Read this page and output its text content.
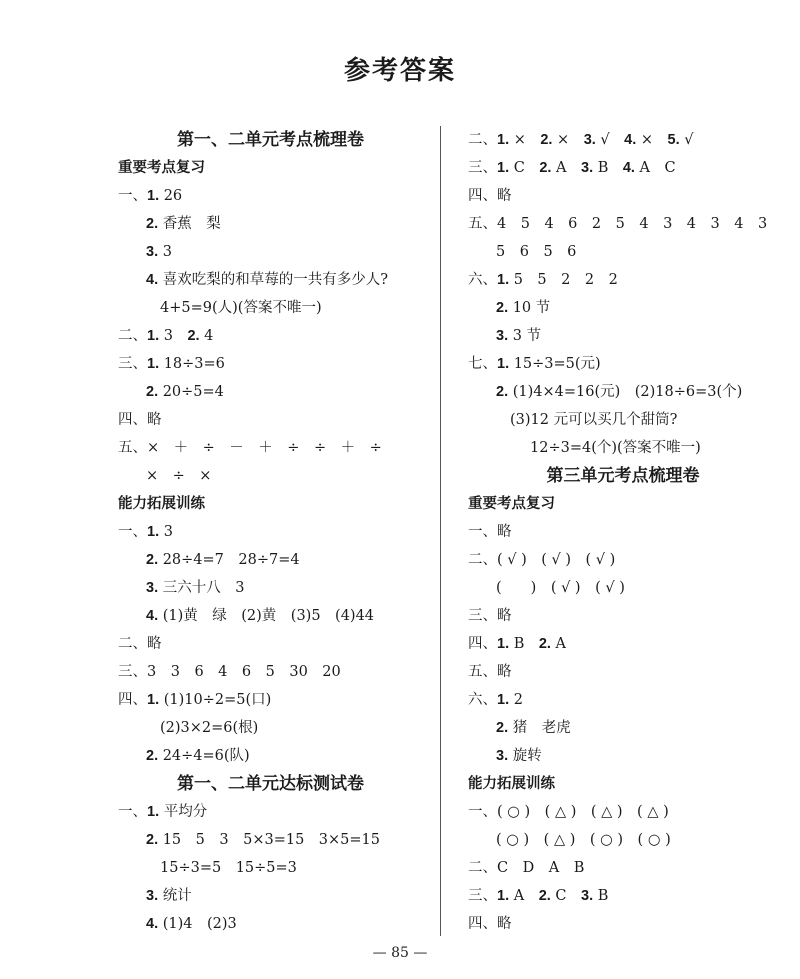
参考答案
第一、二单元考点梳理卷
重要考点复习
一、1. 26
2. 香蕉　梨
3. 3
4. 喜欢吃梨的和草莓的一共有多少人?
4+5=9(人)(答案不唯一)
二、1. 3　2. 4
三、1. 18÷3=6
2. 20÷5=4
四、略
五、×　＋　÷　－　＋　÷　÷　＋　÷
×　÷　×
能力拓展训练
一、1. 3
2. 28÷4=7　28÷7=4
3. 三六十八　3
4. (1)黄　绿　(2)黄　(3)5　(4)44
二、略
三、3　3　6　4　6　5　30　20
四、1. (1)10÷2=5(口)
(2)3×2=6(根)
2. 24÷4=6(队)
第一、二单元达标测试卷
一、1. 平均分
2. 15　5　3　5×3=15　3×5=15
15÷3=5　15÷5=3
3. 统计
4. (1)4　(2)3
二、1. ×　2. ×　3. √　4. ×　5. √
三、1. C　2. A　3. B　4. A　C
四、略
五、4　5　4　6　2　5　4　3　4　3　4　3
5　6　5　6
六、1. 5　5　2　2　2
2. 10 节
3. 3 节
七、1. 15÷3=5(元)
2. (1)4×4=16(元)　(2)18÷6=3(个)
(3)12 元可以买几个甜筒?
12÷3=4(个)(答案不唯一)
第三单元考点梳理卷
重要考点复习
一、略
二、( √ )　( √ )　( √ )
(　　)　( √ )　( √ )
三、略
四、1. B　2. A
五、略
六、1. 2
2. 猪　老虎
3. 旋转
能力拓展训练
一、( ○ )　( △ )　( △ )　( △ )
( ○ )　( △ )　( ○ )　( ○ )
二、C　D　A　B
三、1. A　2. C　3. B
四、略
— 85 —
